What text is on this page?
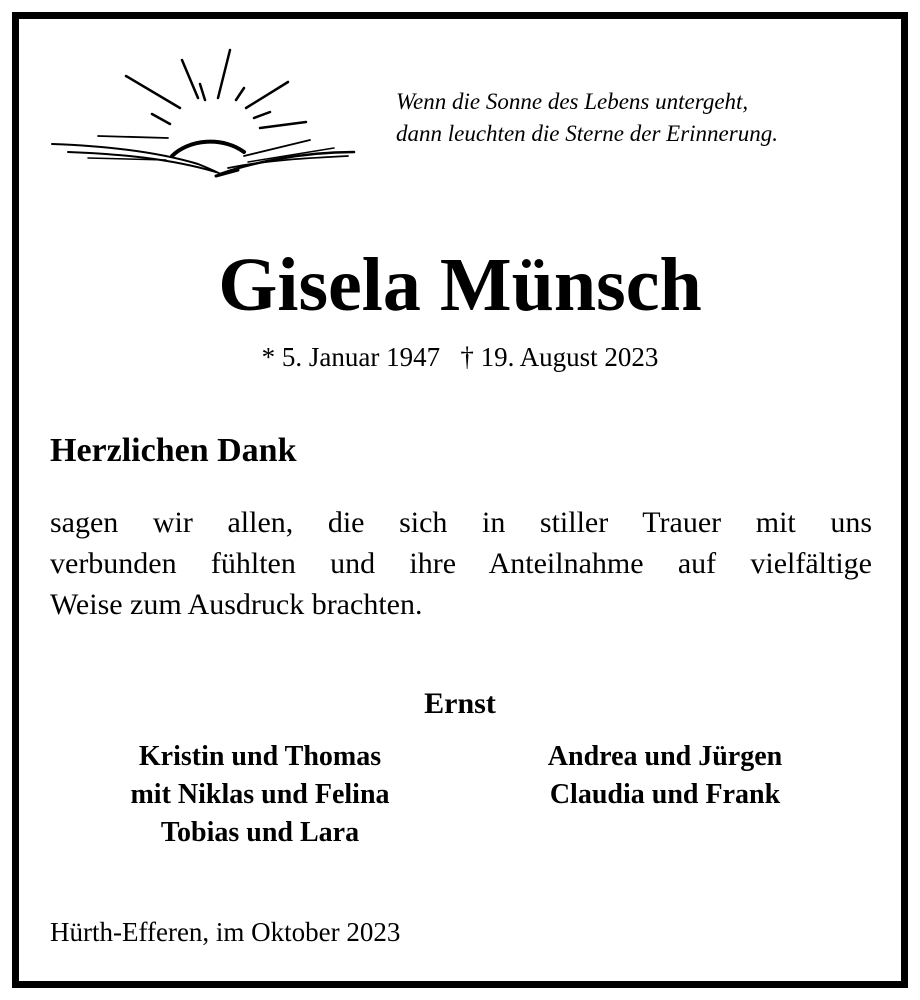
Wenn die Sonne des Lebens untergeht,
dann leuchten die Sterne der Erinnerung.
Gisela Münsch
* 5. Januar 1947 † 19. August 2023
Herzlichen Dank
sagen wir allen, die sich in stiller Trauer mit uns
verbunden fühlten und ihre Anteilnahme auf vielfältige
Weise zum Ausdruck brachten.
Ernst
Kristin und Thomas
mit Niklas und Felina
Tobias und Lara
Andrea und Jürgen
Claudia und Frank
Hürth-Efferen, im Oktober 2023
